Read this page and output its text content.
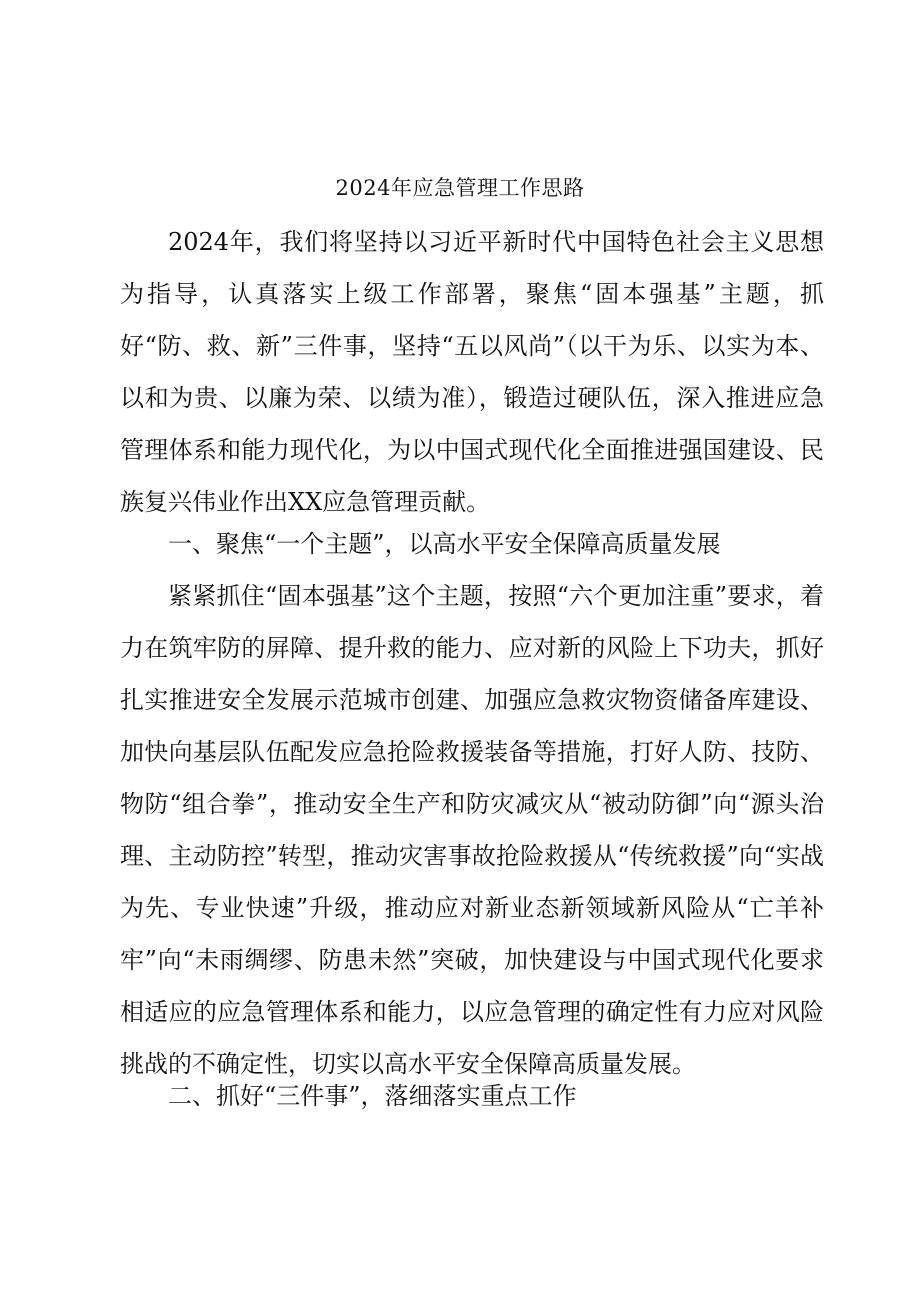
2024年应急管理工作思路
2024年，我们将坚持以习近平新时代中国特色社会主义思想为指导，认真落实上级工作部署，聚焦“固本强基”主题，抓好“防、救、新”三件事，坚持“五以风尚”（以干为乐、以实为本、以和为贵、以廉为荣、以绩为准），锻造过硬队伍，深入推进应急管理体系和能力现代化，为以中国式现代化全面推进强国建设、民族复兴伟业作出XX应急管理贡献。
一、聚焦“一个主题”，以高水平安全保障高质量发展
紧紧抓住“固本强基”这个主题，按照“六个更加注重”要求，着力在筑牢防的屏障、提升救的能力、应对新的风险上下功夫，抓好扎实推进安全发展示范城市创建、加强应急救灾物资储备库建设、加快向基层队伍配发应急抢险救援装备等措施，打好人防、技防、物防“组合拳”，推动安全生产和防灾减灾从“被动防御”向“源头治理、主动防控”转型，推动灾害事故抢险救援从“传统救援”向“实战为先、专业快速”升级，推动应对新业态新领域新风险从“亡羊补牢”向“未雨绸缪、防患未然”突破，加快建设与中国式现代化要求相适应的应急管理体系和能力，以应急管理的确定性有力应对风险挑战的不确定性，切实以高水平安全保障高质量发展。
二、抓好“三件事”，落细落实重点工作
